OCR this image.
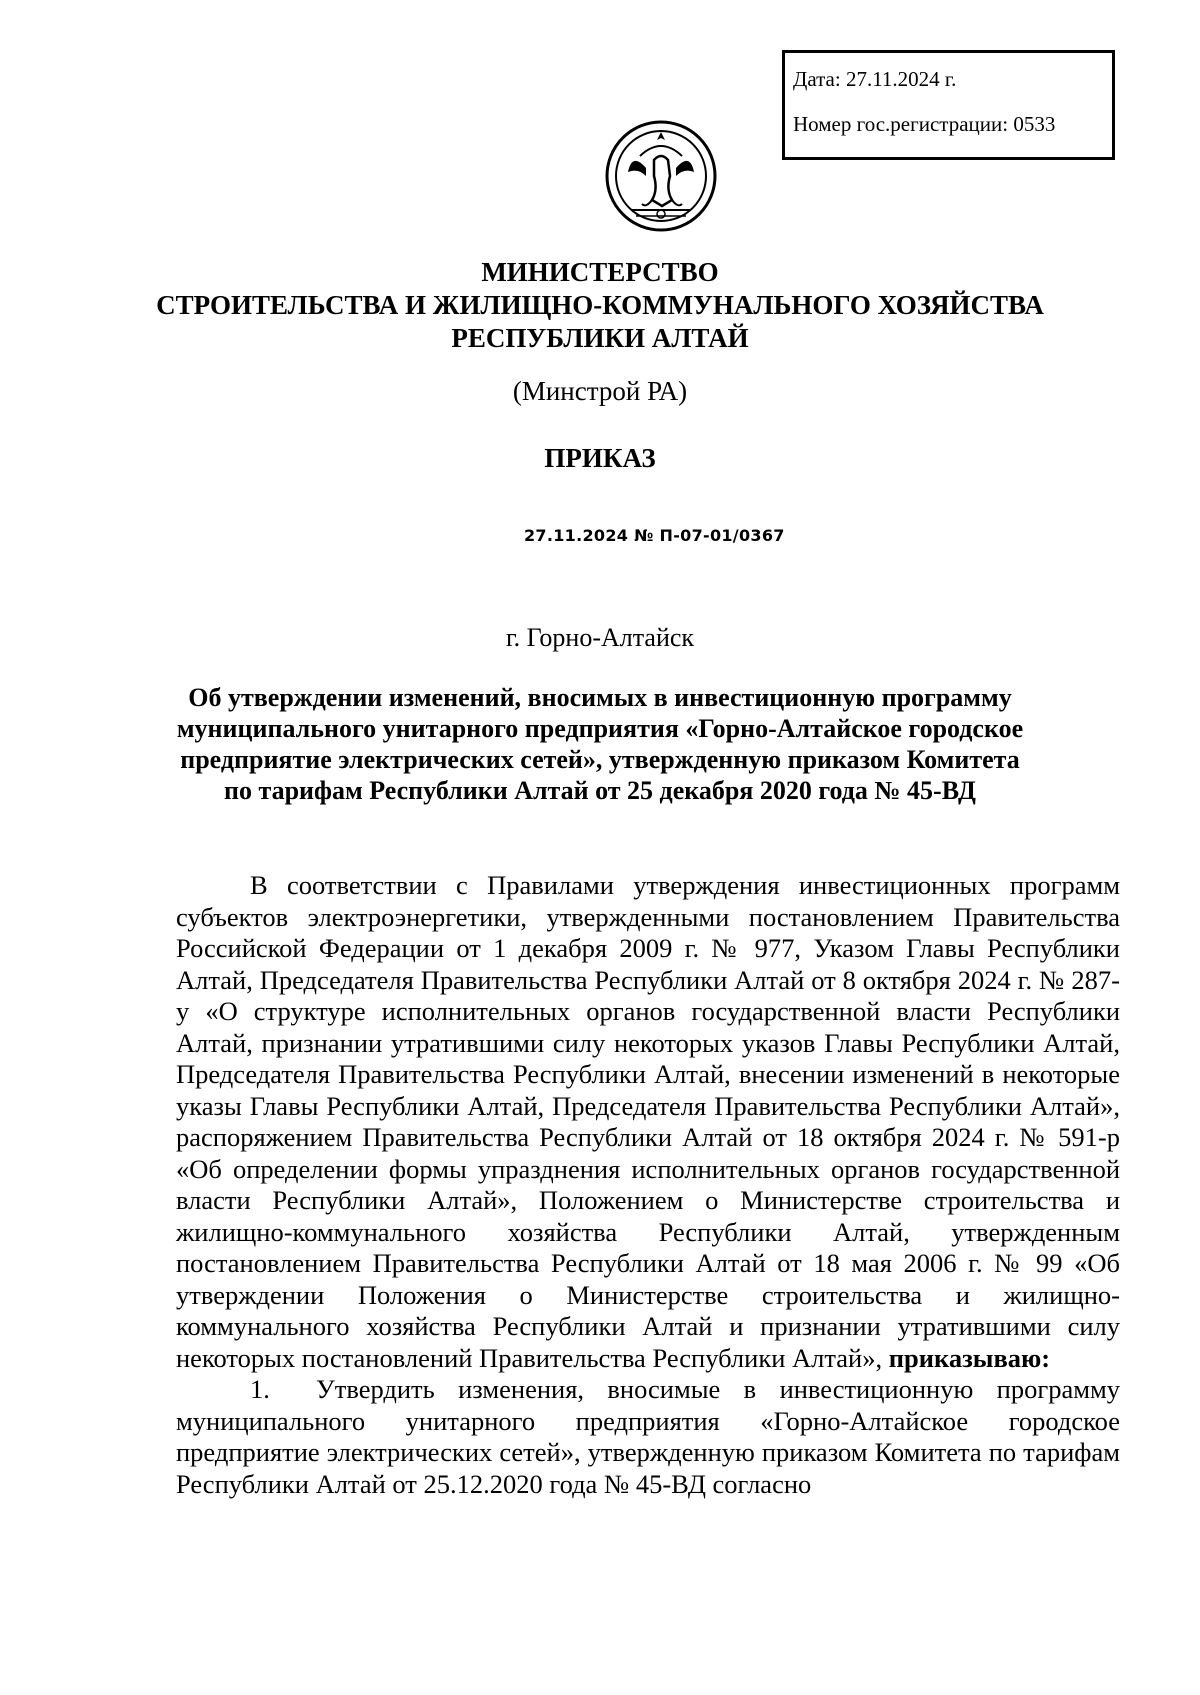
Дата: 27.11.2024 г.
Номер гос.регистрации: 0533
МИНИСТЕРСТВО
СТРОИТЕЛЬСТВА И ЖИЛИЩНО-КОММУНАЛЬНОГО ХОЗЯЙСТВА
РЕСПУБЛИКИ АЛТАЙ
(Минстрой РА)
ПРИКАЗ
27.11.2024 № П-07-01/0367
г. Горно-Алтайск
Об утверждении изменений, вносимых в инвестиционную программу
муниципального унитарного предприятия «Горно-Алтайское городское
предприятие электрических сетей», утвержденную приказом Комитета
по тарифам Республики Алтай от 25 декабря 2020 года № 45-ВД

В соответствии с Правилами утверждения инвестиционных программ субъектов электроэнергетики, утвержденными постановлением Правительства Российской Федерации от 1 декабря 2009 г. № 977, Указом Главы Республики Алтай, Председателя Правительства Республики Алтай от 8 октября 2024 г. № 287-у «О структуре исполнительных органов государственной власти Республики Алтай, признании утратившими силу некоторых указов Главы Республики Алтай, Председателя Правительства Республики Алтай, внесении изменений в некоторые указы Главы Республики Алтай, Председателя Правительства Республики Алтай», распоряжением Правительства Республики Алтай от 18 октября 2024 г. № 591-р «Об определении формы упразднения исполнительных органов государственной власти Республики Алтай», Положением о Министерстве строительства и жилищно-коммунального хозяйства Республики Алтай, утвержденным постановлением Правительства Республики Алтай от 18 мая 2006 г. № 99 «Об утверждении Положения о Министерстве строительства и жилищно-коммунального хозяйства Республики Алтай и признании утратившими силу некоторых постановлений Правительства Республики Алтай», приказываю:

1. Утвердить изменения, вносимые в инвестиционную программу муниципального унитарного предприятия «Горно-Алтайское городское предприятие электрических сетей», утвержденную приказом Комитета по тарифам Республики Алтай от 25.12.2020 года № 45-ВД согласно
